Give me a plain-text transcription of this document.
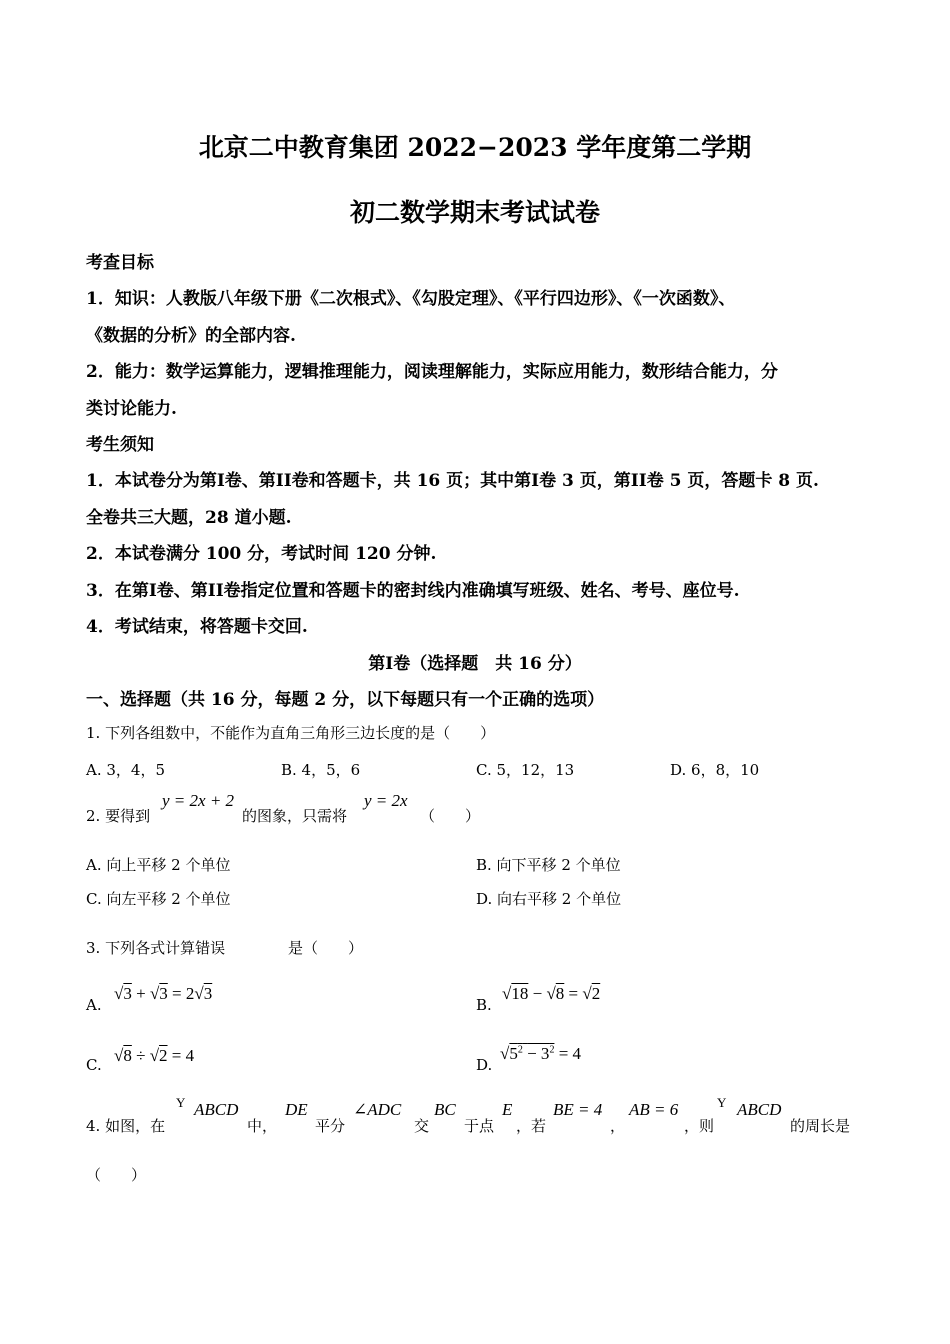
北京二中教育集团 2022−2023 学年度第二学期
初二数学期末考试试卷
考查目标
1．知识：人教版八年级下册《二次根式》、《勾股定理》、《平行四边形》、《一次函数》、
《数据的分析》的全部内容.
2．能力：数学运算能力，逻辑推理能力，阅读理解能力，实际应用能力，数形结合能力，分
类讨论能力.
考生须知
1．本试卷分为第I卷、第II卷和答题卡，共 16 页；其中第I卷 3 页，第II卷 5 页，答题卡 8 页.
全卷共三大题，28 道小题.
2．本试卷满分 100 分，考试时间 120 分钟.
3．在第I卷、第II卷指定位置和答题卡的密封线内准确填写班级、姓名、考号、座位号.
4．考试结束，将答题卡交回.
第I卷（选择题　共 16 分）
一、选择题（共 16 分，每题 2 分，以下每题只有一个正确的选项）
1. 下列各组数中，不能作为直角三角形三边长度的是（　　）
A. 3，4，5	B. 4，5，6	C. 5，12，13	D. 6，8，10
2. 要得到
y = 2x + 2
的图象，只需将
y = 2x
（　　）
A. 向上平移 2 个单位	B. 向下平移 2 个单位
C. 向左平移 2 个单位	D. 向右平移 2 个单位
3. 下列各式计算错误	是（　　）
A.
√3 + √3 = 2√3
B.
√18 − √8 = √2
C. √8 ÷ √2 = 4	D.
$√5^2 - 3^2 = 4$
4. 如图，在
Y ABCD
中，
DE
平分
∠ADC
交
BC
于点
E
，若
BE = 4
，
AB = 6
，则
Y ABCD
的周长是
（　　）
